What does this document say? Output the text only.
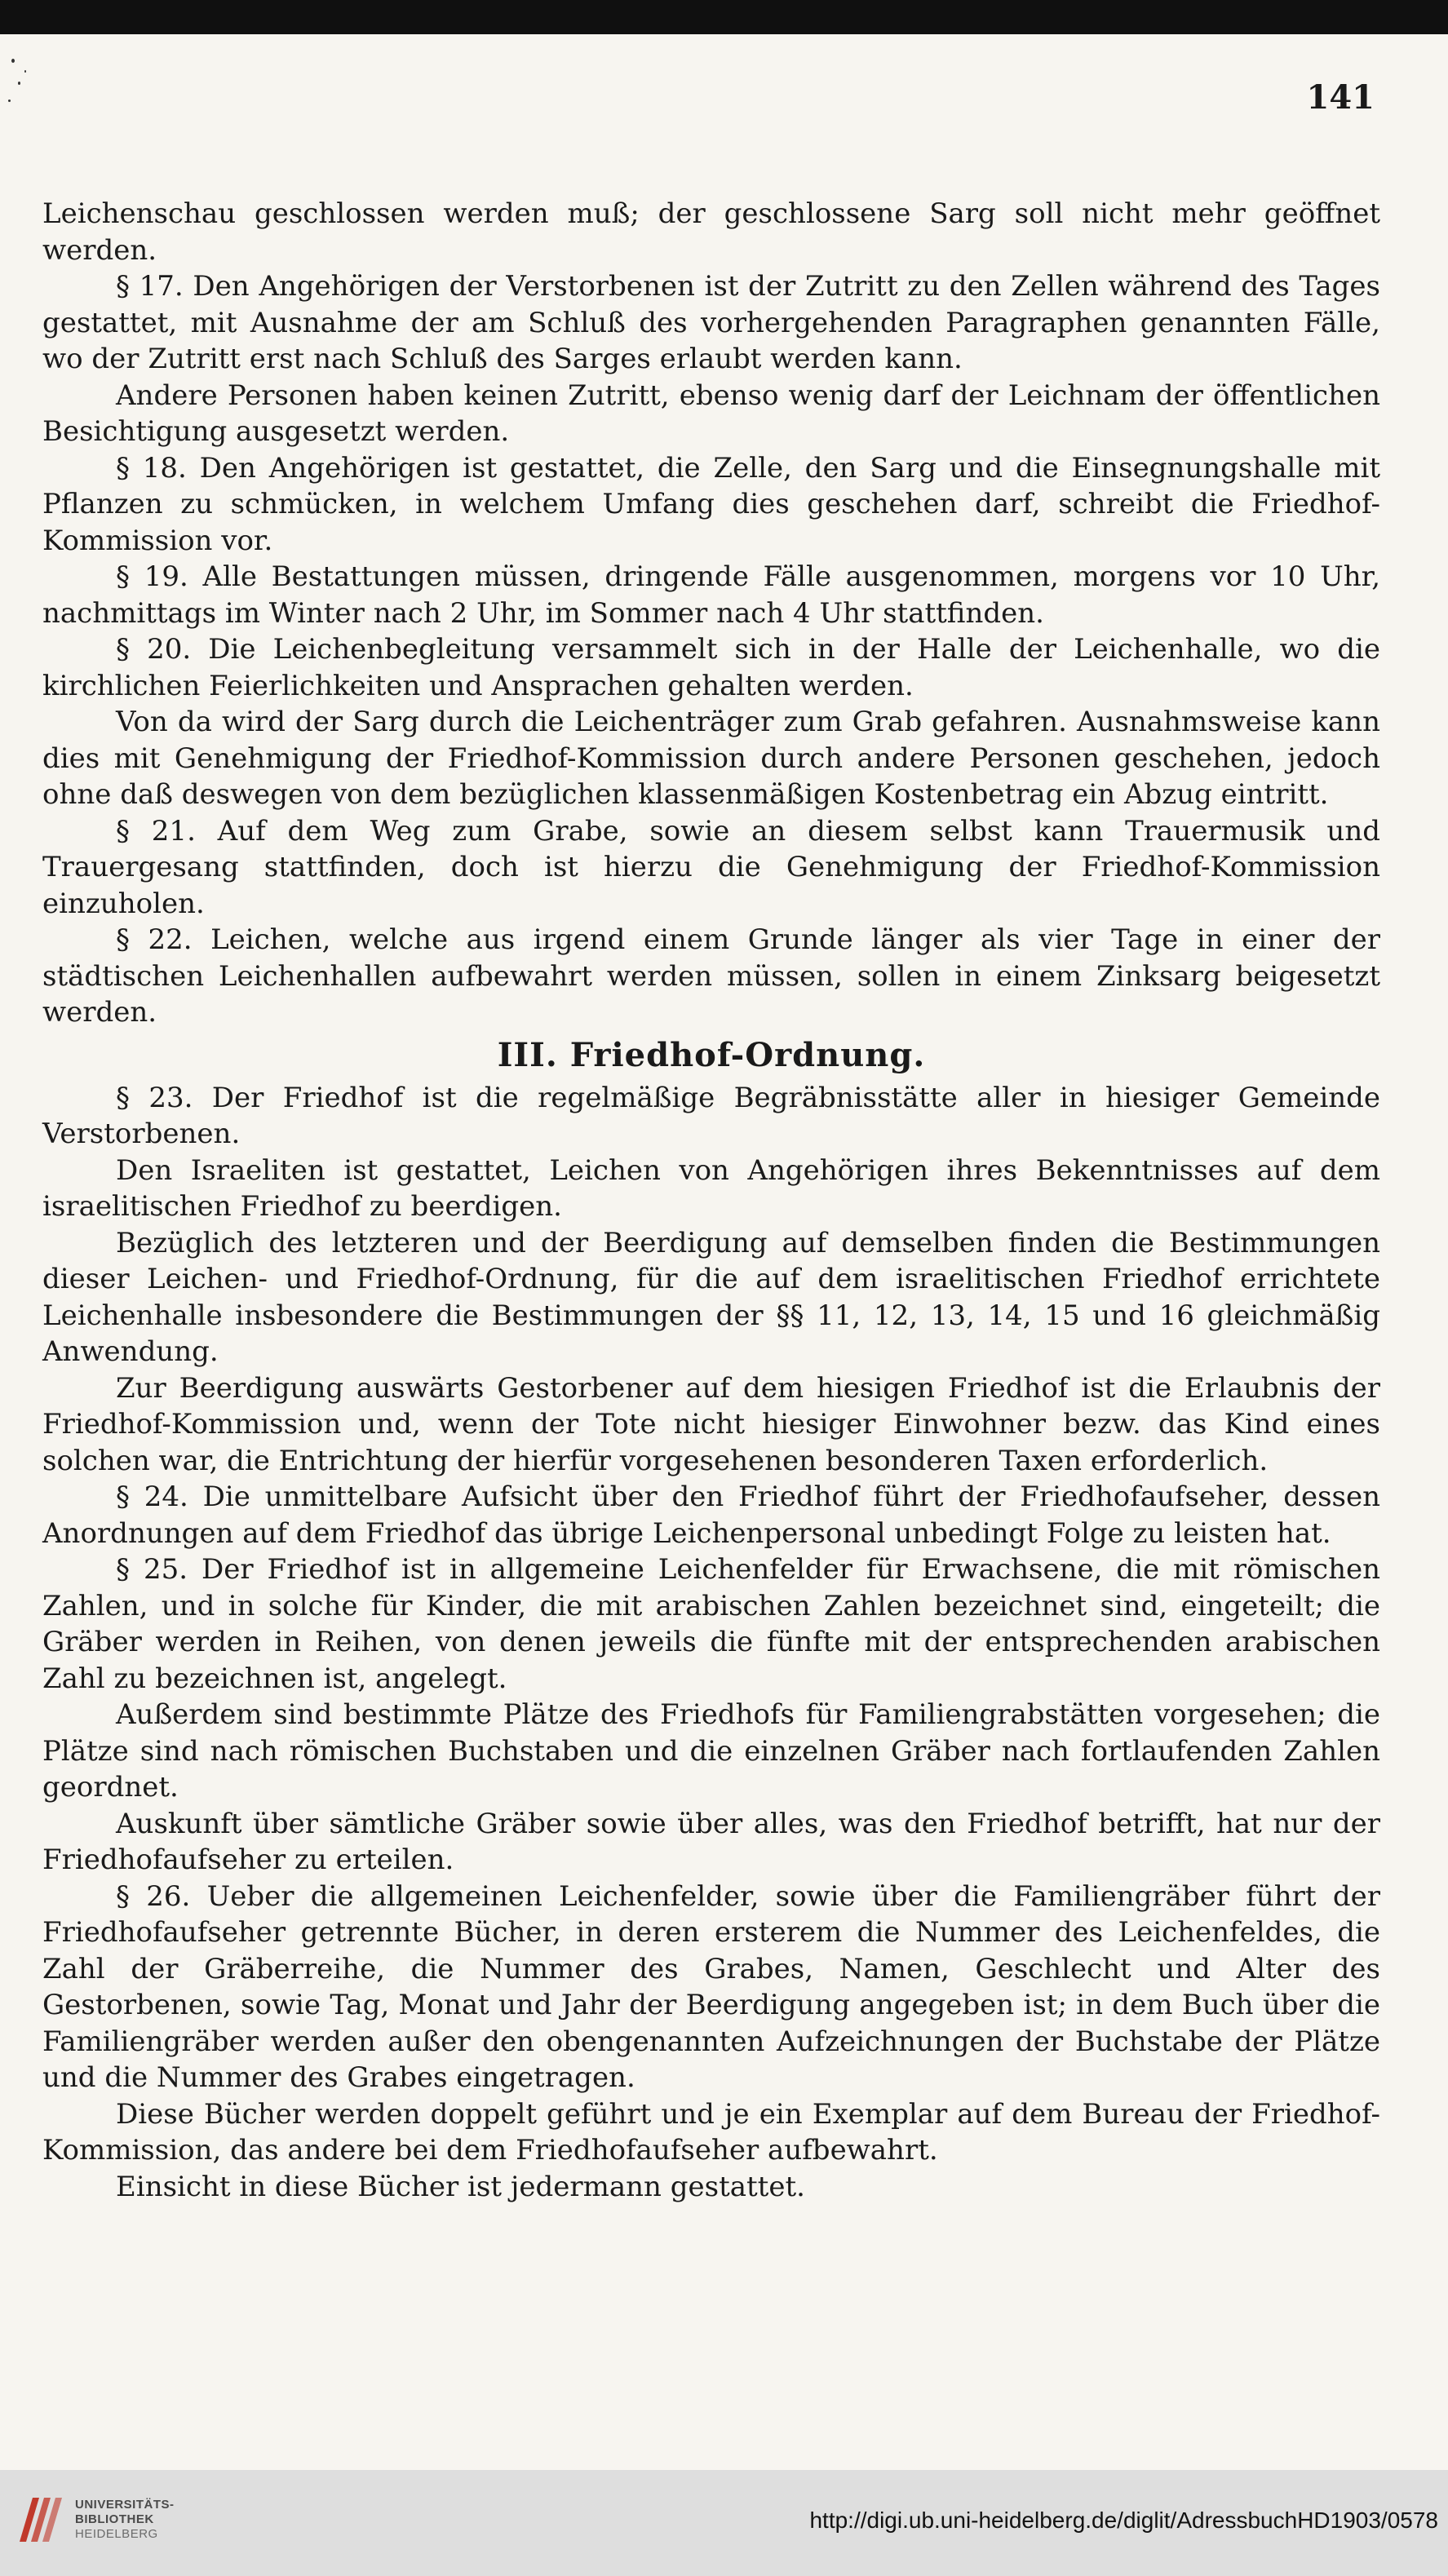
141

Leichenschau geschlossen werden muß; der geschlossene Sarg soll nicht mehr geöffnet werden.

§ 17. Den Angehörigen der Verstorbenen ist der Zutritt zu den Zellen während des Tages gestattet, mit Ausnahme der am Schluß des vorhergehenden Paragraphen genannten Fälle, wo der Zutritt erst nach Schluß des Sarges erlaubt werden kann.

Andere Personen haben keinen Zutritt, ebenso wenig darf der Leichnam der öffentlichen Besichtigung ausgesetzt werden.

§ 18. Den Angehörigen ist gestattet, die Zelle, den Sarg und die Einsegnungshalle mit Pflanzen zu schmücken, in welchem Umfang dies geschehen darf, schreibt die Friedhof-Kommission vor.

§ 19. Alle Bestattungen müssen, dringende Fälle ausgenommen, morgens vor 10 Uhr, nachmittags im Winter nach 2 Uhr, im Sommer nach 4 Uhr stattfinden.

§ 20. Die Leichenbegleitung versammelt sich in der Halle der Leichenhalle, wo die kirchlichen Feierlichkeiten und Ansprachen gehalten werden.

Von da wird der Sarg durch die Leichenträger zum Grab gefahren. Ausnahmsweise kann dies mit Genehmigung der Friedhof-Kommission durch andere Personen geschehen, jedoch ohne daß deswegen von dem bezüglichen klassenmäßigen Kostenbetrag ein Abzug eintritt.

§ 21. Auf dem Weg zum Grabe, sowie an diesem selbst kann Trauermusik und Trauergesang stattfinden, doch ist hierzu die Genehmigung der Friedhof-Kommission einzuholen.

§ 22. Leichen, welche aus irgend einem Grunde länger als vier Tage in einer der städtischen Leichenhallen aufbewahrt werden müssen, sollen in einem Zinksarg beigesetzt werden.

III. Friedhof-Ordnung.

§ 23. Der Friedhof ist die regelmäßige Begräbnisstätte aller in hiesiger Gemeinde Verstorbenen.

Den Israeliten ist gestattet, Leichen von Angehörigen ihres Bekenntnisses auf dem israelitischen Friedhof zu beerdigen.

Bezüglich des letzteren und der Beerdigung auf demselben finden die Bestimmungen dieser Leichen- und Friedhof-Ordnung, für die auf dem israelitischen Friedhof errichtete Leichenhalle insbesondere die Bestimmungen der §§ 11, 12, 13, 14, 15 und 16 gleichmäßig Anwendung.

Zur Beerdigung auswärts Gestorbener auf dem hiesigen Friedhof ist die Erlaubnis der Friedhof-Kommission und, wenn der Tote nicht hiesiger Einwohner bezw. das Kind eines solchen war, die Entrichtung der hierfür vorgesehenen besonderen Taxen erforderlich.

§ 24. Die unmittelbare Aufsicht über den Friedhof führt der Friedhofaufseher, dessen Anordnungen auf dem Friedhof das übrige Leichenpersonal unbedingt Folge zu leisten hat.

§ 25. Der Friedhof ist in allgemeine Leichenfelder für Erwachsene, die mit römischen Zahlen, und in solche für Kinder, die mit arabischen Zahlen bezeichnet sind, eingeteilt; die Gräber werden in Reihen, von denen jeweils die fünfte mit der entsprechenden arabischen Zahl zu bezeichnen ist, angelegt.

Außerdem sind bestimmte Plätze des Friedhofs für Familiengrabstätten vorgesehen; die Plätze sind nach römischen Buchstaben und die einzelnen Gräber nach fortlaufenden Zahlen geordnet.

Auskunft über sämtliche Gräber sowie über alles, was den Friedhof betrifft, hat nur der Friedhofaufseher zu erteilen.

§ 26. Ueber die allgemeinen Leichenfelder, sowie über die Familiengräber führt der Friedhofaufseher getrennte Bücher, in deren ersterem die Nummer des Leichenfeldes, die Zahl der Gräberreihe, die Nummer des Grabes, Namen, Geschlecht und Alter des Gestorbenen, sowie Tag, Monat und Jahr der Beerdigung angegeben ist; in dem Buch über die Familiengräber werden außer den obengenannten Aufzeichnungen der Buchstabe der Plätze und die Nummer des Grabes eingetragen.

Diese Bücher werden doppelt geführt und je ein Exemplar auf dem Bureau der Friedhof-Kommission, das andere bei dem Friedhofaufseher aufbewahrt.

Einsicht in diese Bücher ist jedermann gestattet.

UNIVERSITÄTS-
BIBLIOTHEK
HEIDELBERG
http://digi.ub.uni-heidelberg.de/diglit/AdressbuchHD1903/0578
